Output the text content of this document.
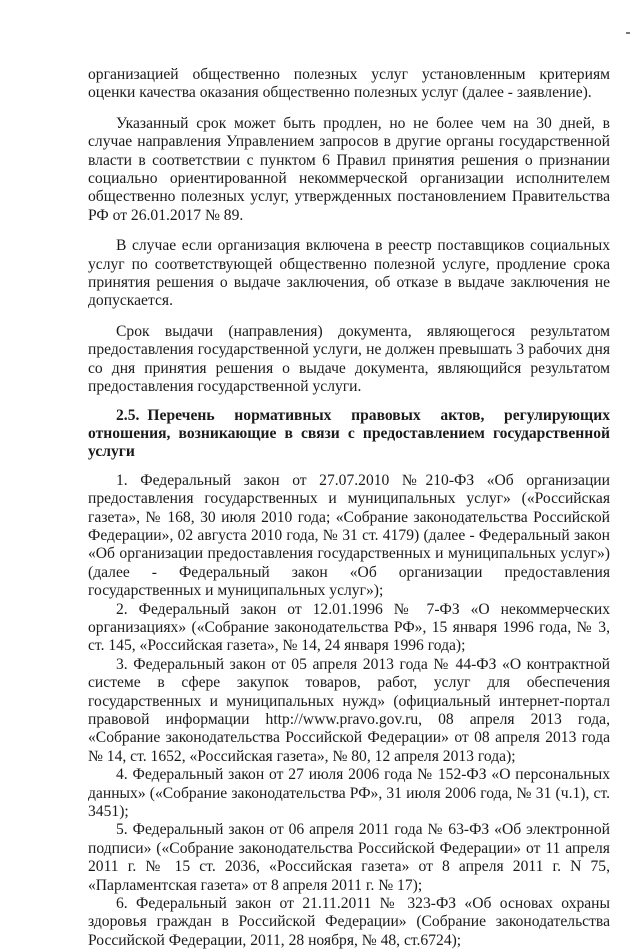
организацией общественно полезных услуг установленным критериям оценки качества оказания общественно полезных услуг (далее - заявление).

Указанный срок может быть продлен, но не более чем на 30 дней, в случае направления Управлением запросов в другие органы государственной власти в соответствии с пунктом 6 Правил принятия решения о признании социально ориентированной некоммерческой организации исполнителем общественно полезных услуг, утвержденных постановлением Правительства РФ от 26.01.2017 № 89.

В случае если организация включена в реестр поставщиков социальных услуг по соответствующей общественно полезной услуге, продление срока принятия решения о выдаче заключения, об отказе в выдаче заключения не допускается.

Срок выдачи (направления) документа, являющегося результатом предоставления государственной услуги, не должен превышать 3 рабочих дня со дня принятия решения о выдаче документа, являющийся результатом предоставления государственной услуги.

2.5. Перечень нормативных правовых актов, регулирующих отношения, возникающие в связи с предоставлением государственной услуги

1. Федеральный закон от 27.07.2010 №210-ФЗ «Об организации предоставления государственных и муниципальных услуг» («Российская газета», № 168, 30 июля 2010 года; «Собрание законодательства Российской Федерации», 02 августа 2010 года, № 31 ст. 4179) (далее - Федеральный закон «Об организации предоставления государственных и муниципальных услуг») (далее - Федеральный закон «Об организации предоставления государственных и муниципальных услуг»);

2. Федеральный закон от 12.01.1996 № 7-ФЗ «О некоммерческих организациях» («Собрание законодательства РФ», 15 января 1996 года, № 3, ст. 145, «Российская газета», № 14, 24 января 1996 года);

3. Федеральный закон от 05 апреля 2013 года № 44-ФЗ «О контрактной системе в сфере закупок товаров, работ, услуг для обеспечения государственных и муниципальных нужд» (официальный интернет-портал правовой информации http://www.pravo.gov.ru, 08 апреля 2013 года, «Собрание законодательства Российской Федерации» от 08 апреля 2013 года № 14, ст. 1652, «Российская газета», № 80, 12 апреля 2013 года);

4. Федеральный закон от 27 июля 2006 года № 152-ФЗ «О персональных данных» («Собрание законодательства РФ», 31 июля 2006 года, № 31 (ч.1), ст. 3451);

5. Федеральный закон от 06 апреля 2011 года № 63-ФЗ «Об электронной подписи» («Собрание законодательства Российской Федерации» от 11 апреля 2011 г. № 15 ст. 2036, «Российская газета» от 8 апреля 2011 г. N 75, «Парламентская газета» от 8 апреля 2011 г. № 17);

6. Федеральный закон от 21.11.2011 № 323-ФЗ «Об основах охраны здоровья граждан в Российской Федерации» (Собрание законодательства Российской Федерации, 2011, 28 ноября, № 48, ст.6724);
